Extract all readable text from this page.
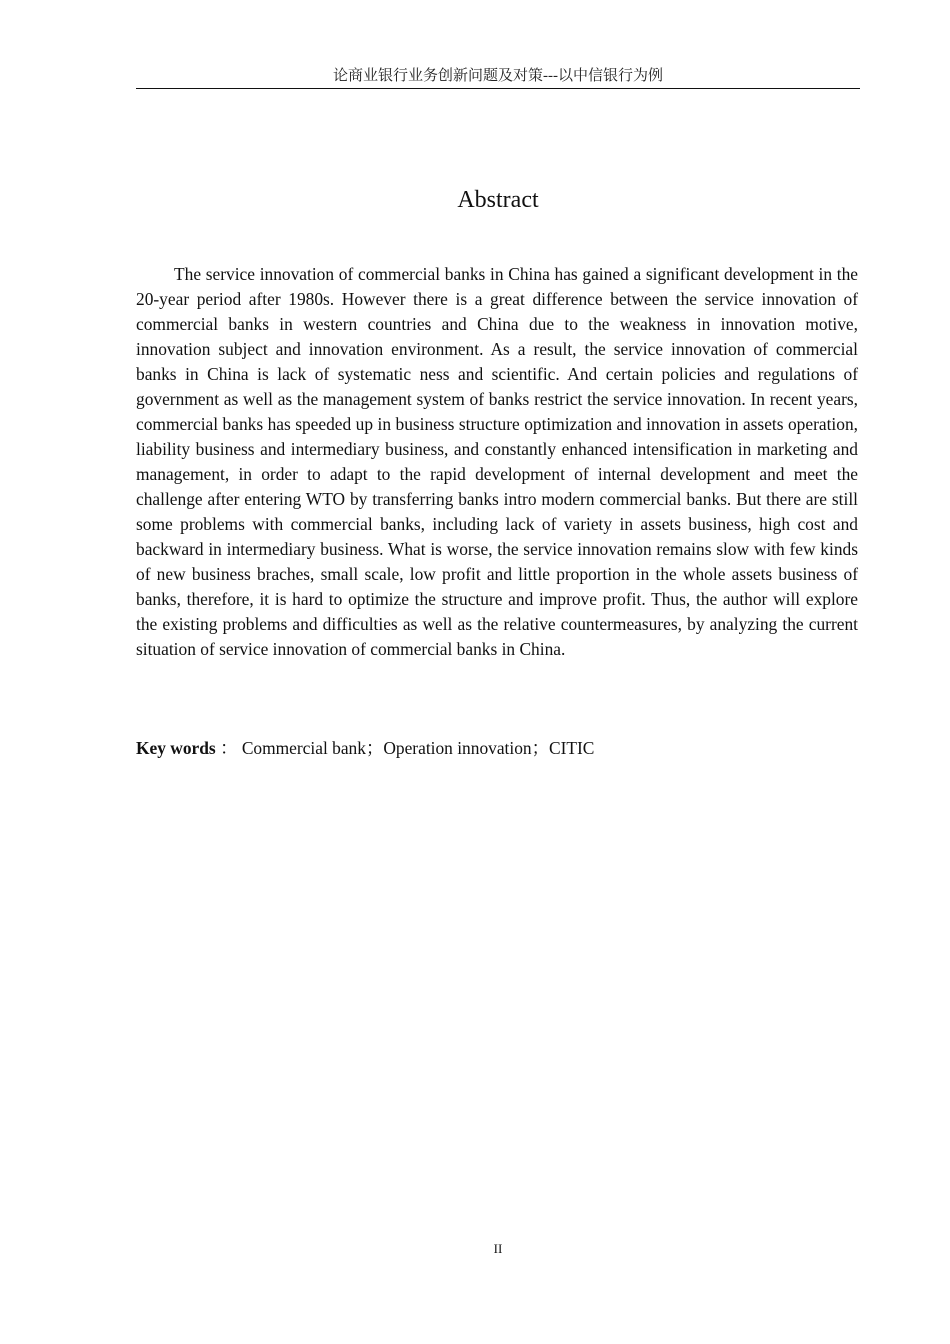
论商业银行业务创新问题及对策---以中信银行为例
Abstract

The service innovation of commercial banks in China has gained a significant development in the 20-year period after 1980s. However there is a great difference between the service innovation of commercial banks in western countries and China due to the weakness in innovation motive, innovation subject and innovation environment. As a result, the service innovation of commercial banks in China is lack of systematic ness and scientific. And certain policies and regulations of government as well as the management system of banks restrict the service innovation. In recent years, commercial banks has speeded up in business structure optimization and innovation in assets operation, liability business and intermediary business, and constantly enhanced intensification in marketing and management, in order to adapt to the rapid development of internal development and meet the challenge after entering WTO by transferring banks intro modern commercial banks. But there are still some problems with commercial banks, including lack of variety in assets business, high cost and backward in intermediary business. What is worse, the service innovation remains slow with few kinds of new business braches, small scale, low profit and little proportion in the whole assets business of banks, therefore, it is hard to optimize the structure and improve profit. Thus, the author will explore the existing problems and difficulties as well as the relative countermeasures, by analyzing the current situation of service innovation of commercial banks in China.

Key words ： Commercial bank；Operation innovation；CITIC
II
